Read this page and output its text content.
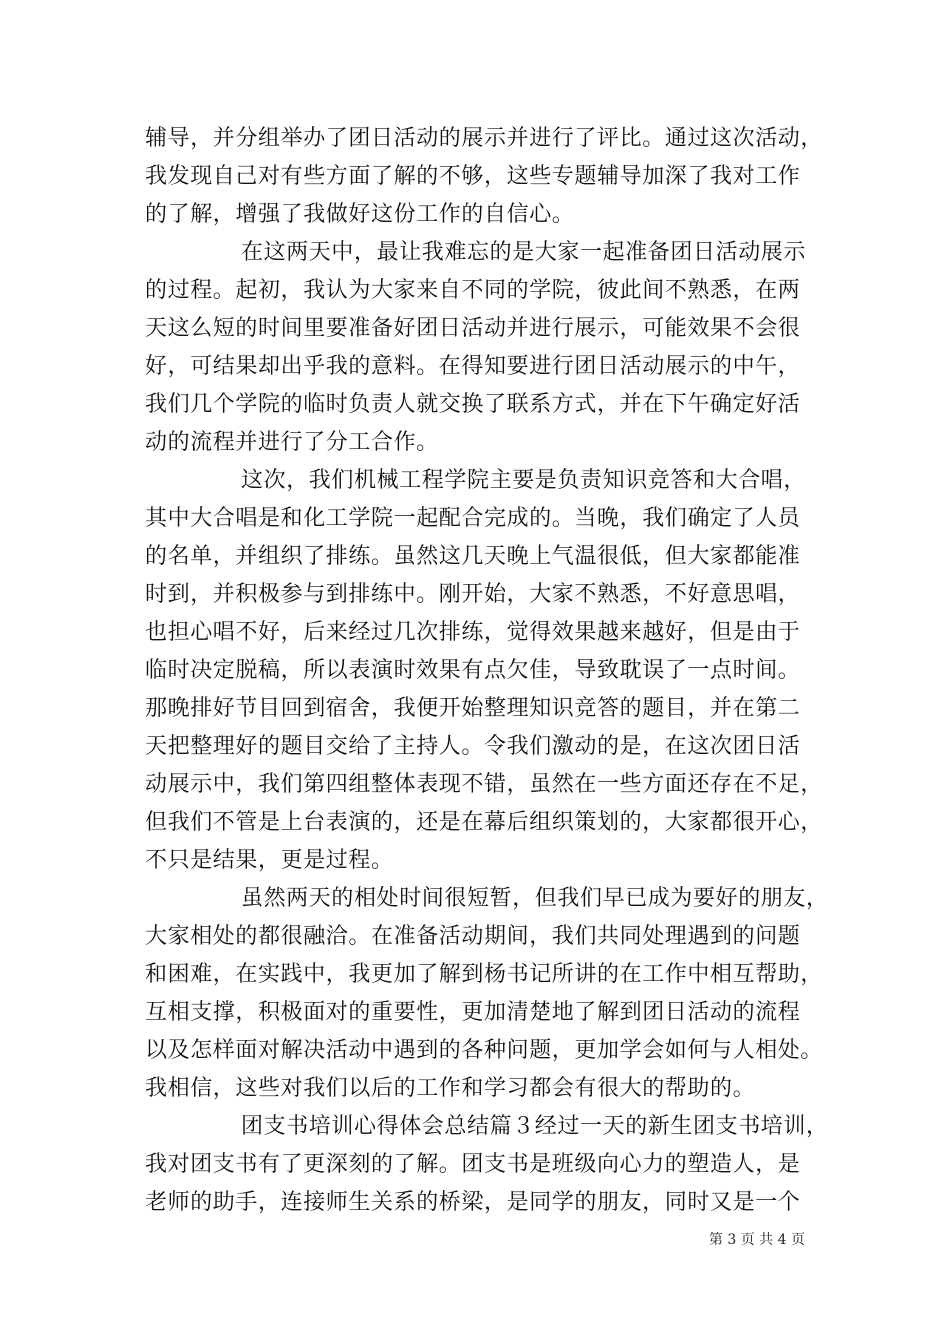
辅导，并分组举办了团日活动的展示并进行了评比。通过这次活动，
我发现自己对有些方面了解的不够，这些专题辅导加深了我对工作
的了解，增强了我做好这份工作的自信心。
在这两天中，最让我难忘的是大家一起准备团日活动展示
的过程。起初，我认为大家来自不同的学院，彼此间不熟悉，在两
天这么短的时间里要准备好团日活动并进行展示，可能效果不会很
好，可结果却出乎我的意料。在得知要进行团日活动展示的中午，
我们几个学院的临时负责人就交换了联系方式，并在下午确定好活
动的流程并进行了分工合作。
这次，我们机械工程学院主要是负责知识竞答和大合唱，
其中大合唱是和化工学院一起配合完成的。当晚，我们确定了人员
的名单，并组织了排练。虽然这几天晚上气温很低，但大家都能准
时到，并积极参与到排练中。刚开始，大家不熟悉，不好意思唱，
也担心唱不好，后来经过几次排练，觉得效果越来越好，但是由于
临时决定脱稿，所以表演时效果有点欠佳，导致耽误了一点时间。
那晚排好节目回到宿舍，我便开始整理知识竞答的题目，并在第二
天把整理好的题目交给了主持人。令我们激动的是，在这次团日活
动展示中，我们第四组整体表现不错，虽然在一些方面还存在不足，
但我们不管是上台表演的，还是在幕后组织策划的，大家都很开心，
不只是结果，更是过程。
虽然两天的相处时间很短暂，但我们早已成为要好的朋友，
大家相处的都很融洽。在准备活动期间，我们共同处理遇到的问题
和困难，在实践中，我更加了解到杨书记所讲的在工作中相互帮助，
互相支撑，积极面对的重要性，更加清楚地了解到团日活动的流程
以及怎样面对解决活动中遇到的各种问题，更加学会如何与人相处。
我相信，这些对我们以后的工作和学习都会有很大的帮助的。
团支书培训心得体会总结篇３经过一天的新生团支书培训，
我对团支书有了更深刻的了解。团支书是班级向心力的塑造人，是
老师的助手，连接师生关系的桥梁，是同学的朋友，同时又是一个
第 3 页 共 4 页
